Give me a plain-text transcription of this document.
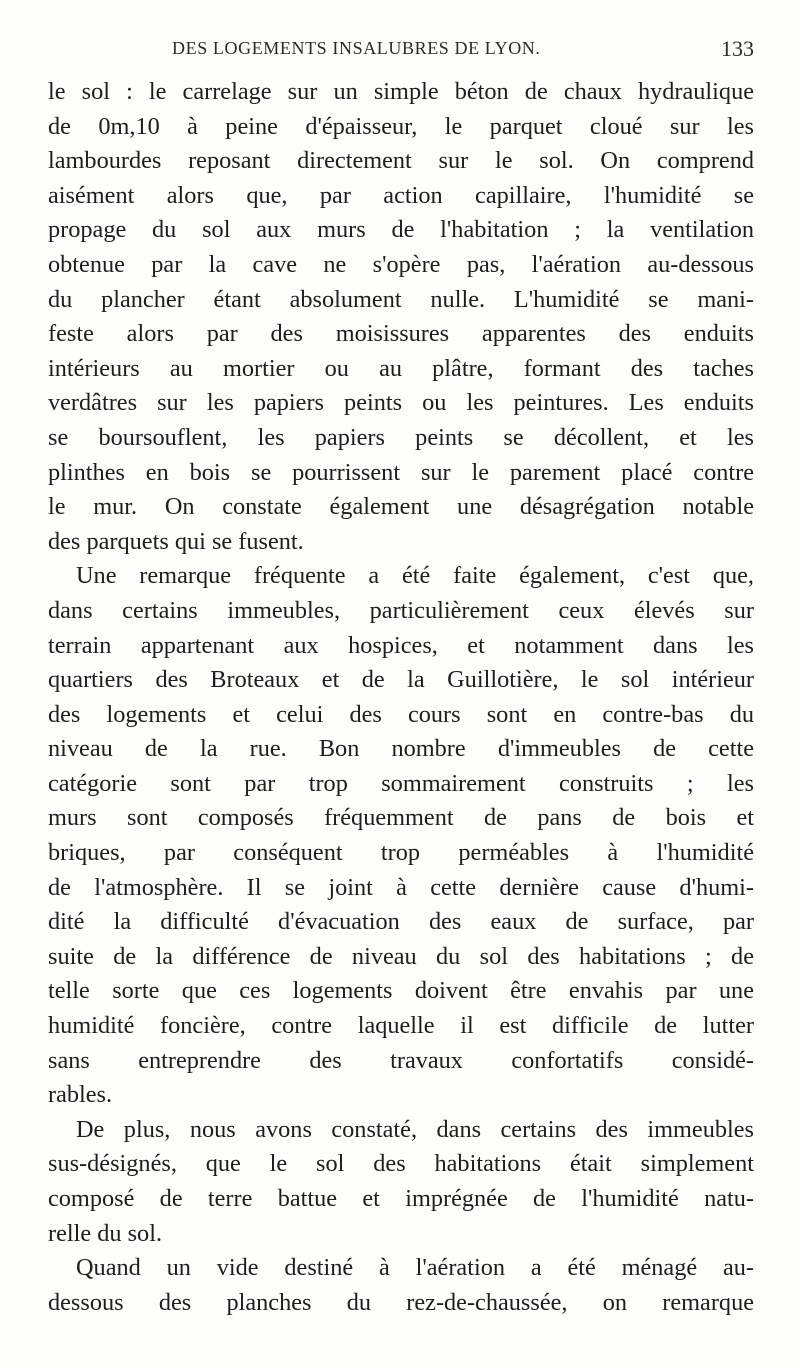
DES LOGEMENTS INSALUBRES DE LYON.	133
le sol : le carrelage sur un simple béton de chaux hydraulique
de 0m,10 à peine d'épaisseur, le parquet cloué sur les
lambourdes reposant directement sur le sol. On comprend
aisément alors que, par action capillaire, l'humidité se
propage du sol aux murs de l'habitation ; la ventilation
obtenue par la cave ne s'opère pas, l'aération au-dessous
du plancher étant absolument nulle. L'humidité se mani-
feste alors par des moisissures apparentes des enduits
intérieurs au mortier ou au plâtre, formant des taches
verdâtres sur les papiers peints ou les peintures. Les enduits
se boursouflent, les papiers peints se décollent, et les
plinthes en bois se pourrissent sur le parement placé contre
le mur. On constate également une désagrégation notable
des parquets qui se fusent.
Une remarque fréquente a été faite également, c'est que,
dans certains immeubles, particulièrement ceux élevés sur
terrain appartenant aux hospices, et notamment dans les
quartiers des Broteaux et de la Guillotière, le sol intérieur
des logements et celui des cours sont en contre-bas du
niveau de la rue. Bon nombre d'immeubles de cette
catégorie sont par trop sommairement construits ; les
murs sont composés fréquemment de pans de bois et
briques, par conséquent trop perméables à l'humidité
de l'atmosphère. Il se joint à cette dernière cause d'humi-
dité la difficulté d'évacuation des eaux de surface, par
suite de la différence de niveau du sol des habitations ; de
telle sorte que ces logements doivent être envahis par une
humidité foncière, contre laquelle il est difficile de lutter
sans entreprendre des travaux confortatifs considé-
rables.
De plus, nous avons constaté, dans certains des immeubles
sus-désignés, que le sol des habitations était simplement
composé de terre battue et imprégnée de l'humidité natu-
relle du sol.
Quand un vide destiné à l'aération a été ménagé au-
dessous des planches du rez-de-chaussée, on remarque
